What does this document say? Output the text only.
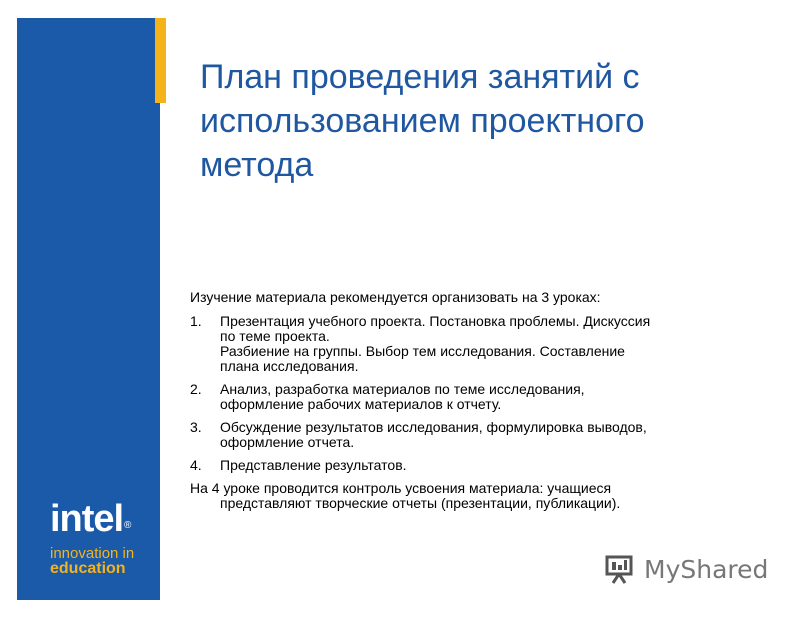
intel ®
innovation in
education
План проведения занятий с
использованием проектного
метода

Изучение материала рекомендуется организовать на 3 уроках:

1. Презентация учебного проекта. Постановка проблемы. Дискуссия
по теме проекта.
Разбиение на группы. Выбор тем исследования. Составление
плана исследования.
2. Анализ, разработка материалов по теме исследования,
оформление рабочих материалов к отчету.
3. Обсуждение результатов исследования, формулировка выводов,
оформление отчета.
4. Представление результатов.
На 4 уроке проводится контроль усвоения материала: учащиеся
представляют творческие отчеты (презентации, публикации).
MyShared
